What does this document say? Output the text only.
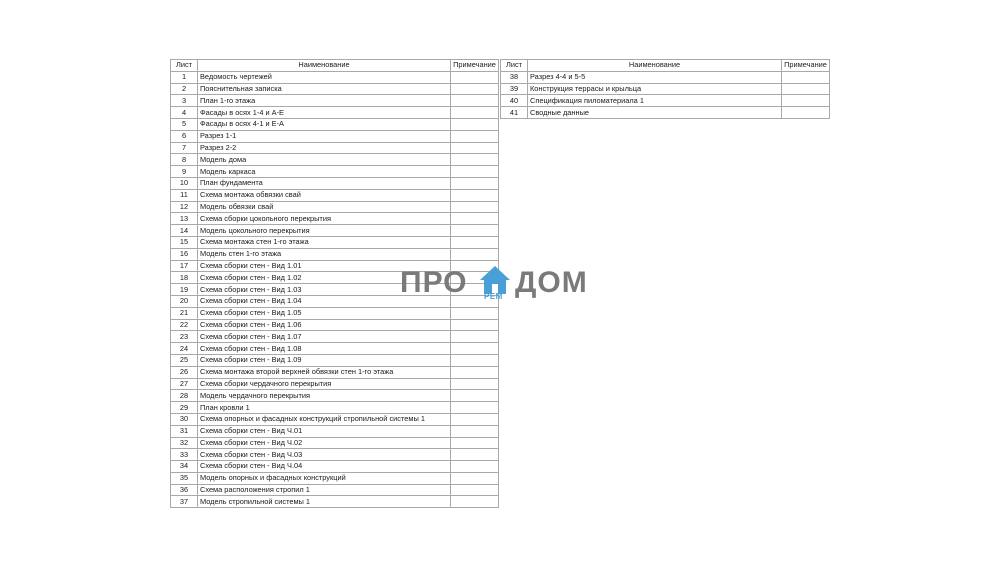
Лист	Наименование	Примечание
1	Ведомость чертежей	
2	Пояснительная записка	
3	План 1-го этажа	
4	Фасады в осях 1-4 и А-Е	
5	Фасады в осях 4-1 и Е-А	
6	Разрез 1-1	
7	Разрез 2-2	
8	Модель дома	
9	Модель каркаса	
10	План фундамента	
11	Схема монтажа обвязки свай	
12	Модель обвязки свай	
13	Схема сборки цокольного перекрытия	
14	Модель цокольного перекрытия	
15	Схема монтажа стен 1-го этажа	
16	Модель стен 1-го этажа	
17	Схема сборки стен - Вид 1.01	
18	Схема сборки стен - Вид 1.02	
19	Схема сборки стен - Вид 1.03	
20	Схема сборки стен - Вид 1.04	
21	Схема сборки стен - Вид 1.05	
22	Схема сборки стен - Вид 1.06	
23	Схема сборки стен - Вид 1.07	
24	Схема сборки стен - Вид 1.08	
25	Схема сборки стен - Вид 1.09	
26	Схема монтажа второй верхней обвязки стен 1-го этажа	
27	Схема сборки чердачного перекрытия	
28	Модель чердачного перекрытия	
29	План кровли 1	
30	Схема опорных и фасадных конструкций стропильной системы 1	
31	Схема сборки стен - Вид Ч.01	
32	Схема сборки стен - Вид Ч.02	
33	Схема сборки стен - Вид Ч.03	
34	Схема сборки стен - Вид Ч.04	
35	Модель опорных и фасадных конструкций	
36	Схема расположения стропил 1	
37	Модель стропильной системы 1	
Лист	Наименование	Примечание
38	Разрез 4-4 и 5-5	
39	Конструкция террасы и крыльца	
40	Спецификация пиломатериала 1	
41	Сводные данные	
ПРО РЕМ ДОМ
